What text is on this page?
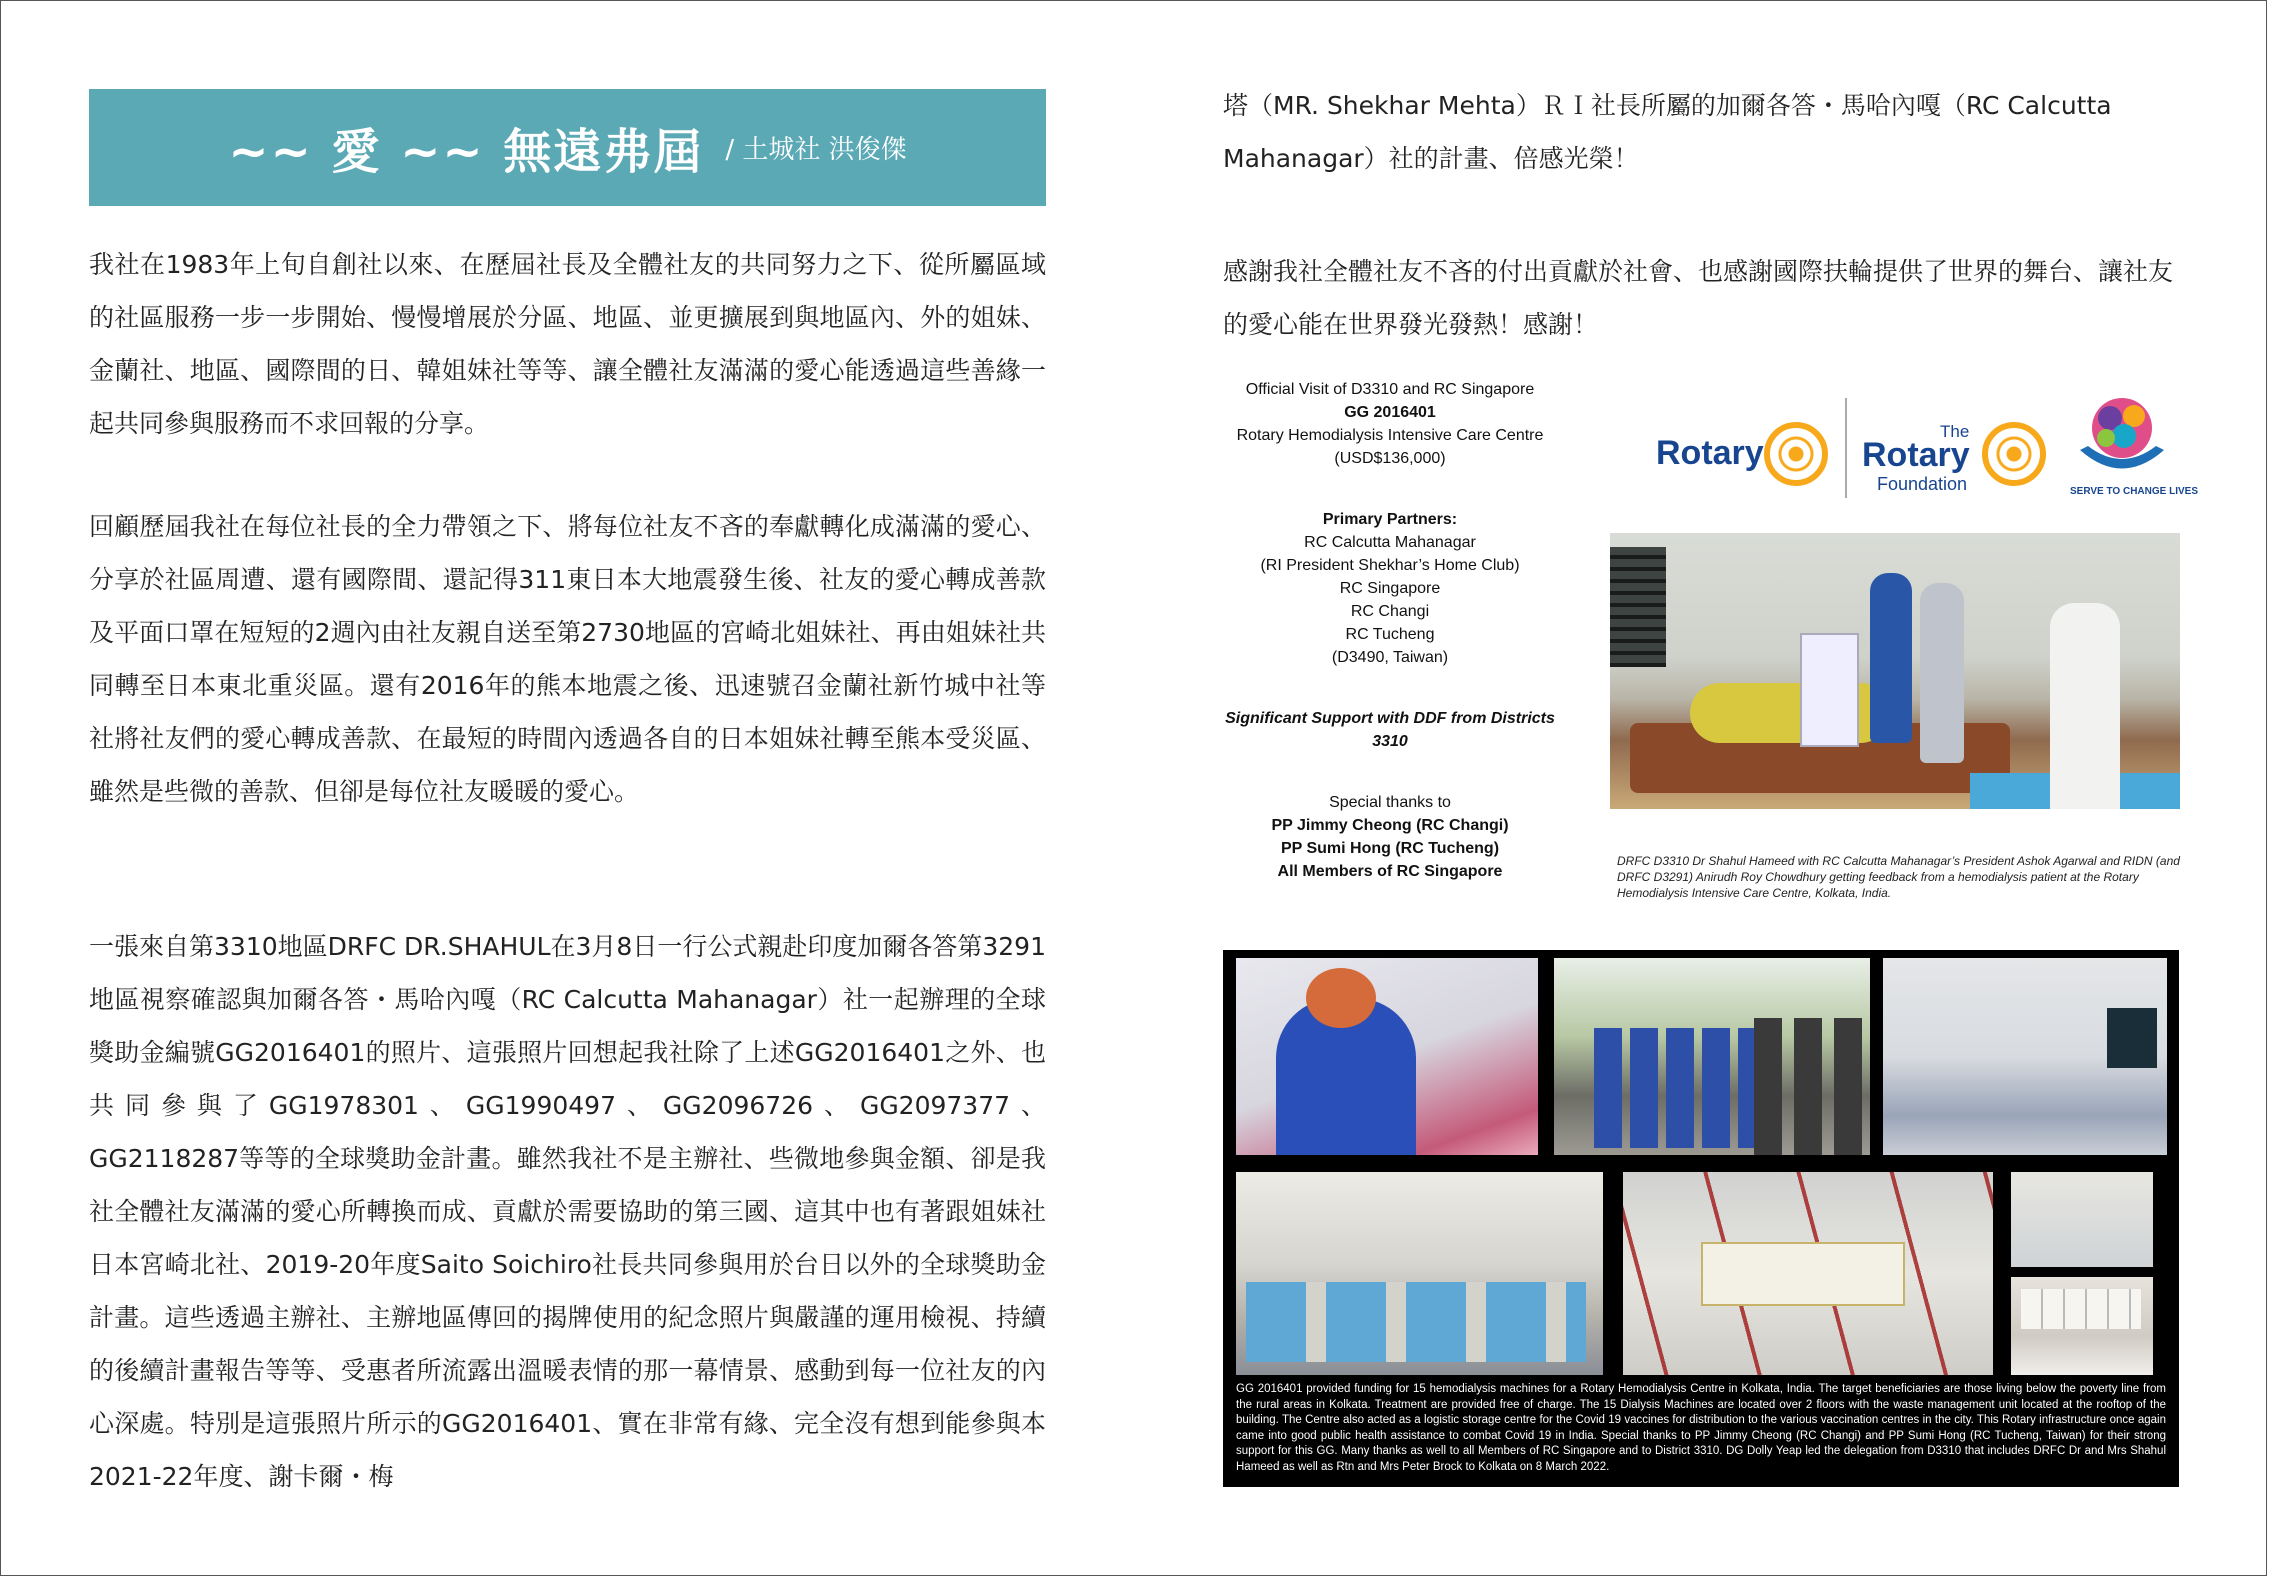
~~ 愛 ~~ 無遠弗屆 / 土城社 洪俊傑

我社在1983年上旬自創社以來、在歷屆社長及全體社友的共同努力之下、從所屬區域的社區服務一步一步開始、慢慢增展於分區、地區、並更擴展到與地區內、外的姐妹、金蘭社、地區、國際間的日、韓姐妹社等等、讓全體社友滿滿的愛心能透過這些善緣一起共同參與服務而不求回報的分享。

回顧歷屆我社在每位社長的全力帶領之下、將每位社友不吝的奉獻轉化成滿滿的愛心、分享於社區周遭、還有國際間、還記得311東日本大地震發生後、社友的愛心轉成善款及平面口罩在短短的2週內由社友親自送至第2730地區的宮崎北姐妹社、再由姐妹社共同轉至日本東北重災區。還有2016年的熊本地震之後、迅速號召金蘭社新竹城中社等社將社友們的愛心轉成善款、在最短的時間內透過各自的日本姐妹社轉至熊本受災區、雖然是些微的善款、但卻是每位社友暖暖的愛心。

一張來自第3310地區DRFC DR.SHAHUL在3月8日一行公式親赴印度加爾各答第3291地區視察確認與加爾各答・馬哈內嘎（RC Calcutta Mahanagar）社一起辦理的全球獎助金編號GG2016401的照片、這張照片回想起我社除了上述GG2016401之外、也共同參與了GG1978301、GG1990497、GG2096726、GG2097377、GG2118287等等的全球獎助金計畫。雖然我社不是主辦社、些微地參與金額、卻是我社全體社友滿滿的愛心所轉換而成、貢獻於需要協助的第三國、這其中也有著跟姐妹社日本宮崎北社、2019-20年度Saito Soichiro社長共同參與用於台日以外的全球獎助金計畫。這些透過主辦社、主辦地區傳回的揭牌使用的紀念照片與嚴謹的運用檢視、持續的後續計畫報告等等、受惠者所流露出溫暖表情的那一幕情景、感動到每一位社友的內心深處。特別是這張照片所示的GG2016401、實在非常有緣、完全沒有想到能參與本2021-22年度、謝卡爾・梅

塔（MR. Shekhar Mehta）ＲＩ社長所屬的加爾各答・馬哈內嘎（RC Calcutta Mahanagar）社的計畫、倍感光榮！
感謝我社全體社友不吝的付出貢獻於社會、也感謝國際扶輪提供了世界的舞台、讓社友的愛心能在世界發光發熱！感謝！
Official Visit of D3310 and RC Singapore
GG 2016401
Rotary Hemodialysis Intensive Care Centre
(USD$136,000)
Primary Partners:
RC Calcutta Mahanagar
(RI President Shekhar’s Home Club)
RC Singapore
RC Changi
RC Tucheng
(D3490, Taiwan)
Significant Support with DDF from Districts 3310
Special thanks to
PP Jimmy Cheong (RC Changi)
PP Sumi Hong (RC Tucheng)
All Members of RC Singapore
Rotary
The
Rotary
Foundation	SERVE TO CHANGE LIVES
DRFC D3310 Dr Shahul Hameed with RC Calcutta Mahanagar’s President Ashok Agarwal and RIDN (and DRFC D3291) Anirudh Roy Chowdhury getting feedback from a hemodialysis patient at the Rotary Hemodialysis Intensive Care Centre, Kolkata, India.
GG 2016401 provided funding for 15 hemodialysis machines for a Rotary Hemodialysis Centre in Kolkata, India. The target beneficiaries are those living below the poverty line from the rural areas in Kolkata. Treatment are provided free of charge. The 15 Dialysis Machines are located over 2 floors with the waste management unit located at the rooftop of the building. The Centre also acted as a logistic storage centre for the Covid 19 vaccines for distribution to the various vaccination centres in the city. This Rotary infrastructure once again came into good public health assistance to combat Covid 19 in India. Special thanks to PP Jimmy Cheong (RC Changi) and PP Sumi Hong (RC Tucheng, Taiwan) for their strong support for this GG. Many thanks as well to all Members of RC Singapore and to District 3310. DG Dolly Yeap led the delegation from D3310 that includes DRFC Dr and Mrs Shahul Hameed as well as Rtn and Mrs Peter Brock to Kolkata on 8 March 2022.
